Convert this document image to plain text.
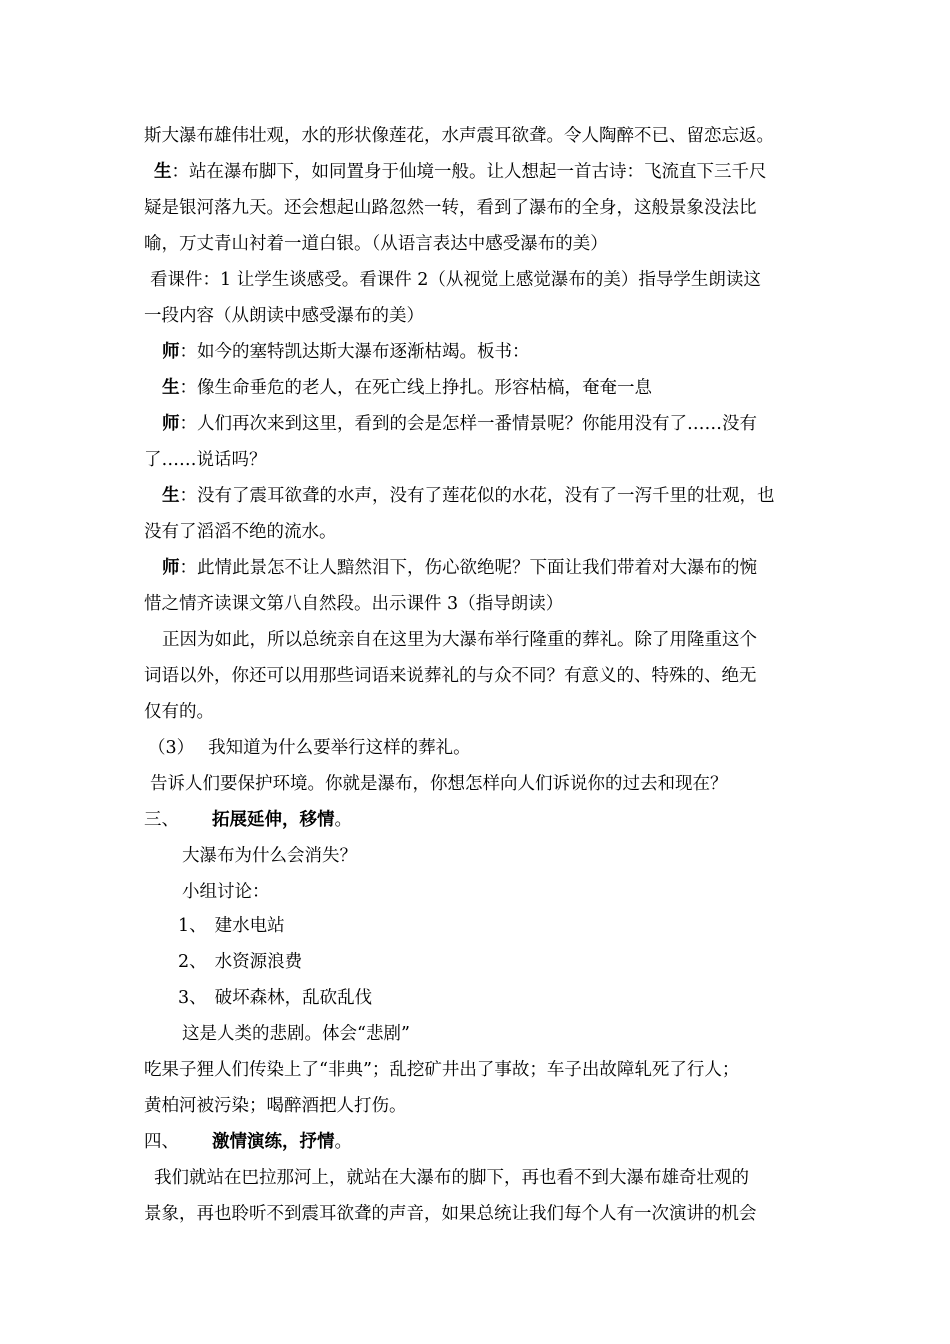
斯大瀑布雄伟壮观，水的形状像莲花，水声震耳欲聋。令人陶醉不已、留恋忘返。
生：站在瀑布脚下，如同置身于仙境一般。让人想起一首古诗：飞流直下三千尺
疑是银河落九天。还会想起山路忽然一转，看到了瀑布的全身，这般景象没法比
喻，万丈青山衬着一道白银。（从语言表达中感受瀑布的美）
看课件：1 让学生谈感受。看课件 2（从视觉上感觉瀑布的美）指导学生朗读这
一段内容（从朗读中感受瀑布的美）
师：如今的塞特凯达斯大瀑布逐渐枯竭。板书：
生：像生命垂危的老人，在死亡线上挣扎。形容枯槁，奄奄一息
师：人们再次来到这里，看到的会是怎样一番情景呢？你能用没有了……没有
了……说话吗？
生：没有了震耳欲聋的水声，没有了莲花似的水花，没有了一泻千里的壮观，也
没有了滔滔不绝的流水。
师：此情此景怎不让人黯然泪下，伤心欲绝呢？下面让我们带着对大瀑布的惋
惜之情齐读课文第八自然段。出示课件 3（指导朗读）
正因为如此，所以总统亲自在这里为大瀑布举行隆重的葬礼。除了用隆重这个
词语以外，你还可以用那些词语来说葬礼的与众不同？有意义的、特殊的、绝无
仅有的。
（3） 我知道为什么要举行这样的葬礼。
告诉人们要保护环境。你就是瀑布，你想怎样向人们诉说你的过去和现在？
三、 拓展延伸，移情。
大瀑布为什么会消失？
小组讨论：
1、 建水电站
2、 水资源浪费
3、 破坏森林，乱砍乱伐
这是人类的悲剧。体会“悲剧”
吃果子狸人们传染上了“非典”；乱挖矿井出了事故；车子出故障轧死了行人；
黄柏河被污染；喝醉酒把人打伤。
四、 激情演练，抒情。
我们就站在巴拉那河上，就站在大瀑布的脚下，再也看不到大瀑布雄奇壮观的
景象，再也聆听不到震耳欲聋的声音，如果总统让我们每个人有一次演讲的机会
